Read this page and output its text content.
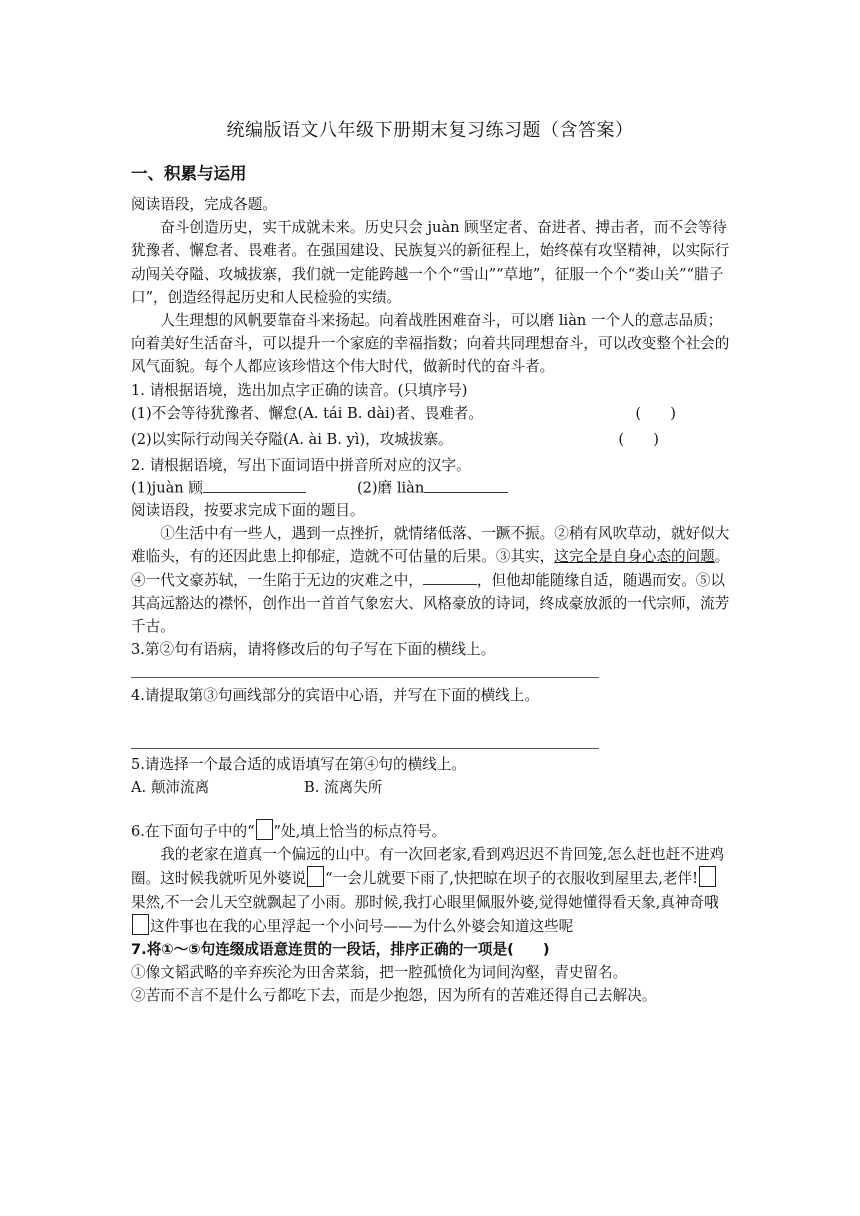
统编版语文八年级下册期末复习练习题（含答案）
一、积累与运用

阅读语段，完成各题。

奋斗创造历史，实干成就未来。历史只会 juàn 顾坚定者、奋进者、搏击者，而不会等待犹豫者、懈怠者、畏难者。在强国建设、民族复兴的新征程上，始终葆有攻坚精神，以实际行动闯关夺隘、攻城拔寨，我们就一定能跨越一个个“雪山”“草地”，征服一个个“娄山关”“腊子口”，创造经得起历史和人民检验的实绩。

人生理想的风帆要靠奋斗来扬起。向着战胜困难奋斗，可以磨 liàn 一个人的意志品质；向着美好生活奋斗，可以提升一个家庭的幸福指数；向着共同理想奋斗，可以改变整个社会的风气面貌。每个人都应该珍惜这个伟大时代，做新时代的奋斗者。

1. 请根据语境，选出加点字正确的读音。(只填序号)

(1)不会等待犹豫者、懈怠(A. tái B. dài)者、畏难者。	(　　)

(2)以实际行动闯关夺隘(A. ài B. yì)，攻城拔寨。	(　　)

2. 请根据语境，写出下面词语中拼音所对应的汉字。

(1)juàn 顾	(2)磨 liàn

阅读语段，按要求完成下面的题目。

①生活中有一些人，遇到一点挫折，就情绪低落、一蹶不振。②稍有风吹草动，就好似大难临头，有的还因此患上抑郁症，造就不可估量的后果。③其实，这完全是自身心态的问题。④一代文豪苏轼，一生陷于无边的灾难之中，	，但他却能随缘自适，随遇而安。⑤以其高远豁达的襟怀，创作出一首首气象宏大、风格豪放的诗词，终成豪放派的一代宗师，流芳千古。

3.第②句有语病，请将修改后的句子写在下面的横线上。

4.请提取第③句画线部分的宾语中心语，并写在下面的横线上。

5.请选择一个最合适的成语填写在第④句的横线上。

A. 颠沛流离	B. 流离失所

6.在下面句子中的“ ”处,填上恰当的标点符号。

我的老家在道真一个偏远的山中。有一次回老家,看到鸡迟迟不肯回笼,怎么赶也赶不进鸡圈。这时候我就听见外婆说 “一会儿就要下雨了,快把晾在坝子的衣服收到屋里去,老伴!果然,不一会儿天空就飘起了小雨。那时候,我打心眼里佩服外婆,觉得她懂得看天象,真神奇哦这件事也在我的心里浮起一个小问号——为什么外婆会知道这些呢

7.将①～⑤句连缀成语意连贯的一段话，排序正确的一项是(　　)

①像文韬武略的辛弃疾沦为田舍菜翁，把一腔孤愤化为词间沟壑，青史留名。

②苦而不言不是什么亏都吃下去，而是少抱怨，因为所有的苦难还得自己去解决。
